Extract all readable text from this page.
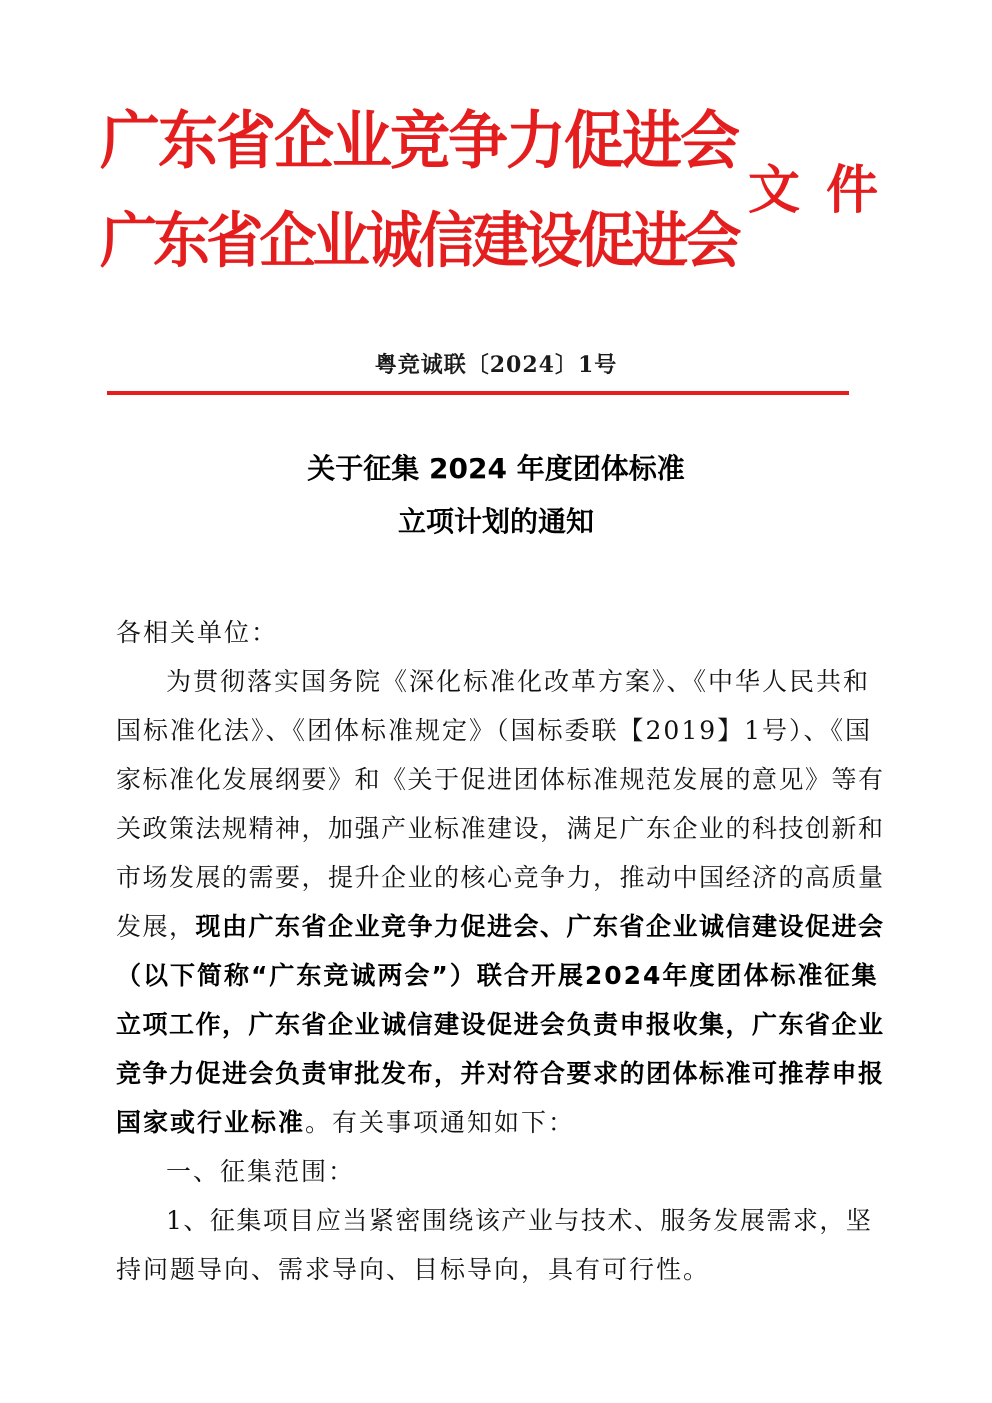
广东省企业竞争力促进会
广东省企业诚信建设促进会
文件
粤竞诚联〔2024〕1号
关于征集 2024 年度团体标准
立项计划的通知
各相关单位：
为贯彻落实国务院《深化标准化改革方案》、《中华人民共和
国标准化法》、《团体标准规定》（国标委联【2019】1号）、《国
家标准化发展纲要》和《关于促进团体标准规范发展的意见》等有
关政策法规精神，加强产业标准建设，满足广东企业的科技创新和
市场发展的需要，提升企业的核心竞争力，推动中国经济的高质量
发展，现由广东省企业竞争力促进会、广东省企业诚信建设促进会
（以下简称“广东竞诚两会”）联合开展2024年度团体标准征集
立项工作，广东省企业诚信建设促进会负责申报收集，广东省企业
竞争力促进会负责审批发布，并对符合要求的团体标准可推荐申报
国家或行业标准。有关事项通知如下：
一、征集范围：
1、征集项目应当紧密围绕该产业与技术、服务发展需求，坚
持问题导向、需求导向、目标导向，具有可行性。
